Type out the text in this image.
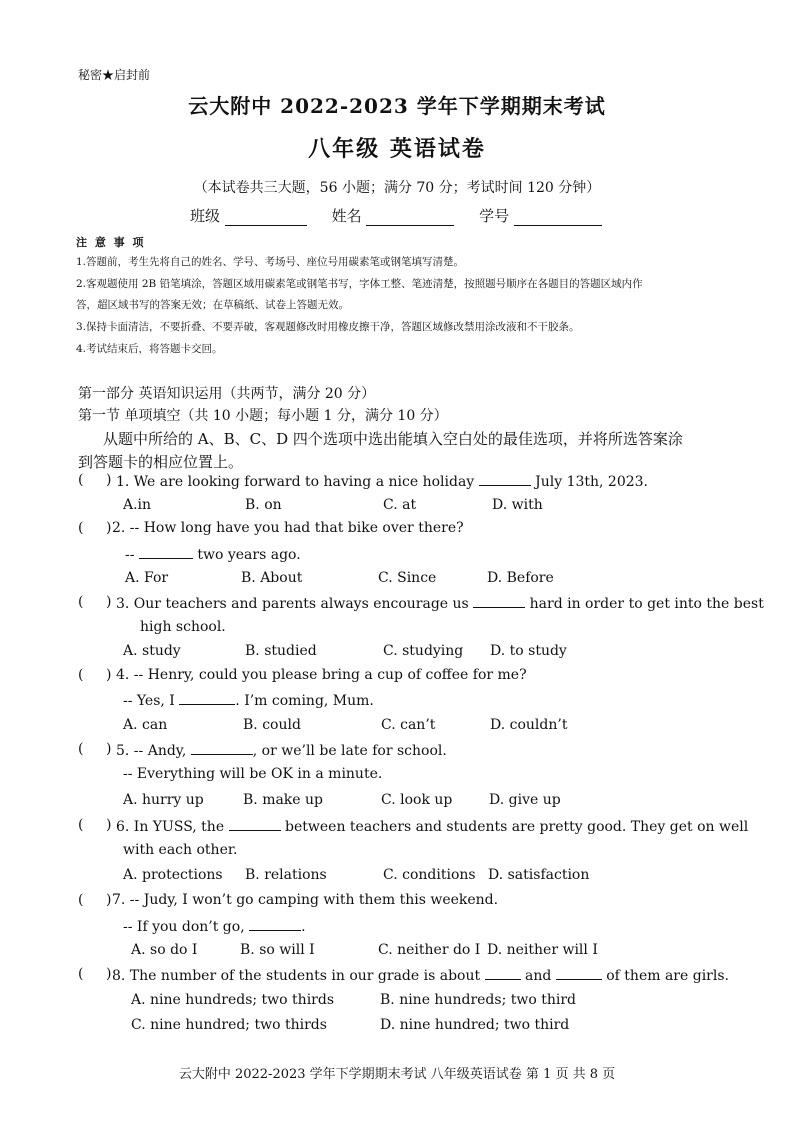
秘密★启封前
云大附中 2022-2023 学年下学期期末考试
八年级 英语试卷
（本试卷共三大题，56 小题；满分 70 分；考试时间 120 分钟）
班级	姓名	学号
注 意 事 项
1.答题前，考生先将自己的姓名、学号、考场号、座位号用碳素笔或钢笔填写清楚。
2.客观题使用 2B 铅笔填涂，答题区域用碳素笔或钢笔书写，字体工整、笔迹清楚，按照题号顺序在各题目的答题区域内作
答，超区域书写的答案无效；在草稿纸、试卷上答题无效。
3.保持卡面清洁，不要折叠、不要弄破，客观题修改时用橡皮擦干净，答题区域修改禁用涂改液和不干胶条。
4.考试结束后，将答题卡交回。
第一部分 英语知识运用（共两节，满分 20 分）
第一节 单项填空（共 10 小题；每小题 1 分，满分 10 分）
从题中所给的 A、B、C、D 四个选项中选出能填入空白处的最佳选项，并将所选答案涂
到答题卡的相应位置上。
( ) 1. We are looking forward to having a nice holiday	July 13th, 2023.
A.in	B. on	C. at	D. with
( ) 2. -- How long have you had that bike over there?
--	two years ago.
A. For	B. About	C. Since	D. Before
( ) 3. Our teachers and parents always encourage us	hard in order to get into the best
high school.
A. study	B. studied	C. studying D. to study
( ) 4. -- Henry, could you please bring a cup of coffee for me?
-- Yes, I	. I’m coming, Mum.
A. can	B. could	C. can’t	D. couldn’t
( ) 5. -- Andy,	, or we’ll be late for school.
-- Everything will be OK in a minute.
A. hurry up	B. make up	C. look up	D. give up
( ) 6. In YUSS, the	between teachers and students are pretty good. They get on well
with each other.
A. protections B. relations	C. conditions D. satisfaction
( ) 7. -- Judy, I won’t go camping with them this weekend.
-- If you don’t go,	.
A. so do I	B. so will I	C. neither do I D. neither will I
( ) 8. The number of the students in our grade is about	and	of them are girls.
A. nine hundreds; two thirds	B. nine hundreds; two third
C. nine hundred; two thirds	D. nine hundred; two third
云大附中 2022-2023 学年下学期期末考试 八年级英语试卷 第 1 页 共 8 页
